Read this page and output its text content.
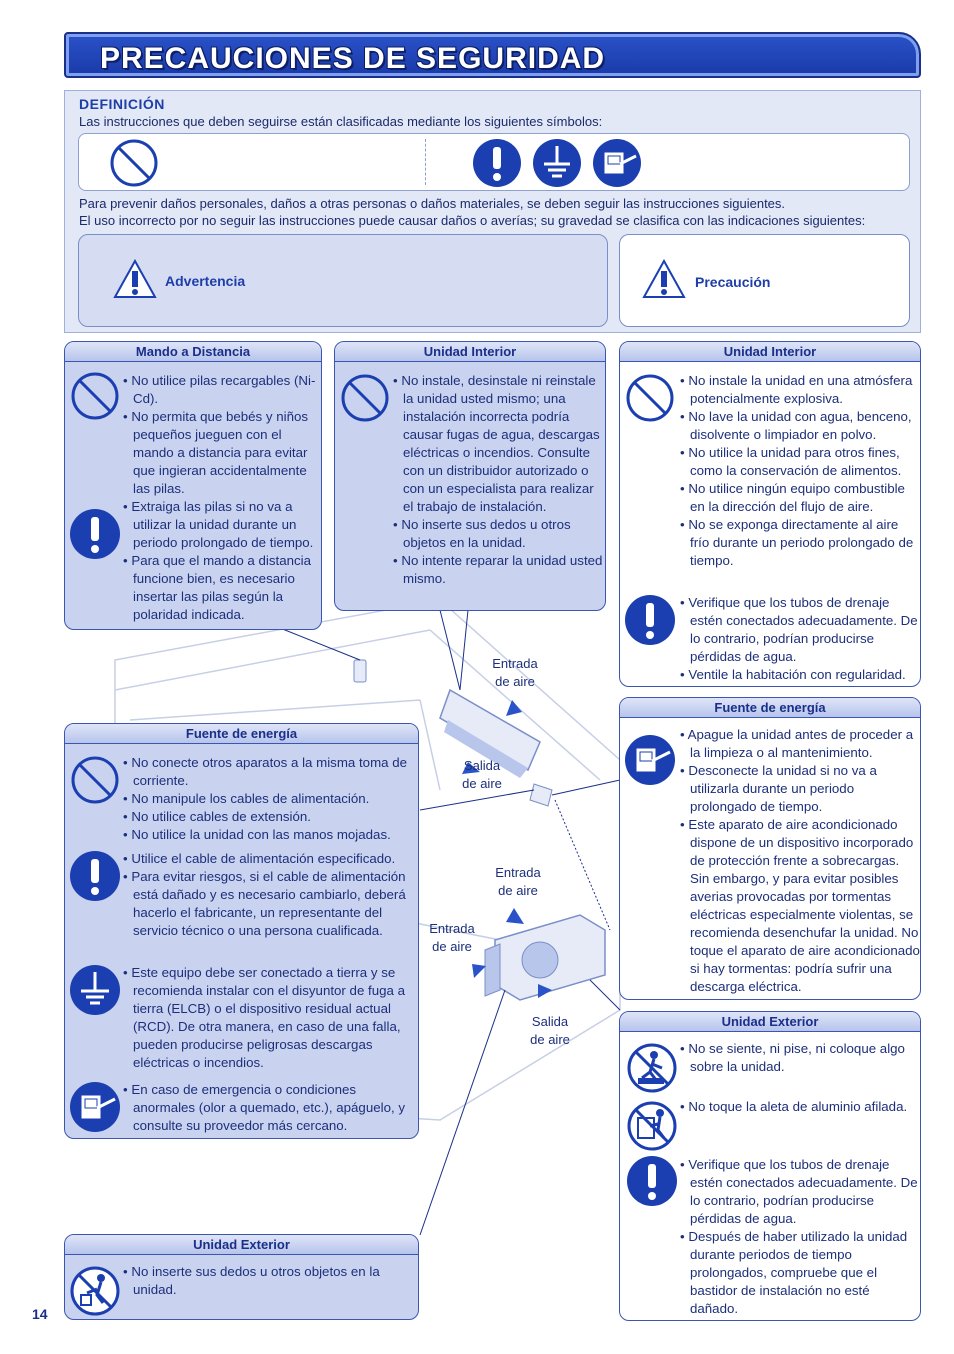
PRECAUCIONES DE SEGURIDAD
DEFINICIÓN
Las instrucciones que deben seguirse están clasificadas mediante los siguientes símbolos:
Para prevenir daños personales, daños a otras personas o daños materiales, se deben seguir las instrucciones siguientes.
El uso incorrecto por no seguir las instrucciones puede causar daños o averías; su gravedad se clasifica con las indicaciones siguientes:
Advertencia	Precaución
Entrada
de aire
Salida
de aire
Entrada
de aire
Entrada
de aire
Salida
de aire
Mando a Distancia
• No utilice pilas recargables (Ni-Cd).
• No permita que bebés y niños pequeños jueguen con el mando a distancia para evitar que ingieran accidentalmente las pilas.
• Extraiga las pilas si no va a utilizar la unidad durante un periodo prolongado de tiempo.
• Para que el mando a distancia funcione bien, es necesario insertar las pilas según la polaridad indicada.
Unidad Interior
• No instale, desinstale ni reinstale la unidad usted mismo; una instalación incorrecta podría causar fugas de agua, descargas eléctricas o incendios. Consulte con un distribuidor autorizado o con un especialista para realizar el trabajo de instalación.
• No inserte sus dedos u otros objetos en la unidad.
• No intente reparar la unidad usted mismo.
Unidad Interior
• No instale la unidad en una atmósfera potencialmente explosiva.
• No lave la unidad con agua, benceno, disolvente o limpiador en polvo.
• No utilice la unidad para otros fines, como la conservación de alimentos.
• No utilice ningún equipo combustible en la dirección del flujo de aire.
• No se exponga directamente al aire frío durante un periodo prolongado de tiempo.
• Verifique que los tubos de drenaje estén conectados adecuadamente. De lo contrario, podrían producirse pérdidas de agua.
• Ventile la habitación con regularidad.
Fuente de energía
• No conecte otros aparatos a la misma toma de corriente.
• No manipule los cables de alimentación.
• No utilice cables de extensión.
• No utilice la unidad con las manos mojadas.
• Utilice el cable de alimentación especificado.
• Para evitar riesgos, si el cable de alimentación está dañado y es necesario cambiarlo, deberá hacerlo el fabricante, un representante del servicio técnico o una persona cualificada.
• Este equipo debe ser conectado a tierra y se recomienda instalar con el disyuntor de fuga a tierra (ELCB) o el dispositivo residual actual (RCD). De otra manera, en caso de una falla, pueden producirse peligrosas descargas eléctricas o incendios.
• En caso de emergencia o condiciones anormales (olor a quemado, etc.), apáguelo, y consulte su proveedor más cercano.
Fuente de energía
• Apague la unidad antes de proceder a la limpieza o al mantenimiento.
• Desconecte la unidad si no va a utilizarla durante un periodo prolongado de tiempo.
• Este aparato de aire acondicionado dispone de un dispositivo incorporado de protección frente a sobrecargas. Sin embargo, y para evitar posibles averias provocadas por tormentas eléctricas especialmente violentas, se recomienda desenchufar la unidad. No toque el aparato de aire acondicionado si hay tormentas: podría sufrir una descarga eléctrica.
Unidad Exterior
• No se siente, ni pise, ni coloque algo sobre la unidad.
• No toque la aleta de aluminio afilada.
• Verifique que los tubos de drenaje estén conectados adecuadamente. De lo contrario, podrían producirse pérdidas de agua.
• Después de haber utilizado la unidad durante periodos de tiempo prolongados, compruebe que el bastidor de instalación no esté dañado.
Unidad Exterior
• No inserte sus dedos u otros objetos en la unidad.
14
